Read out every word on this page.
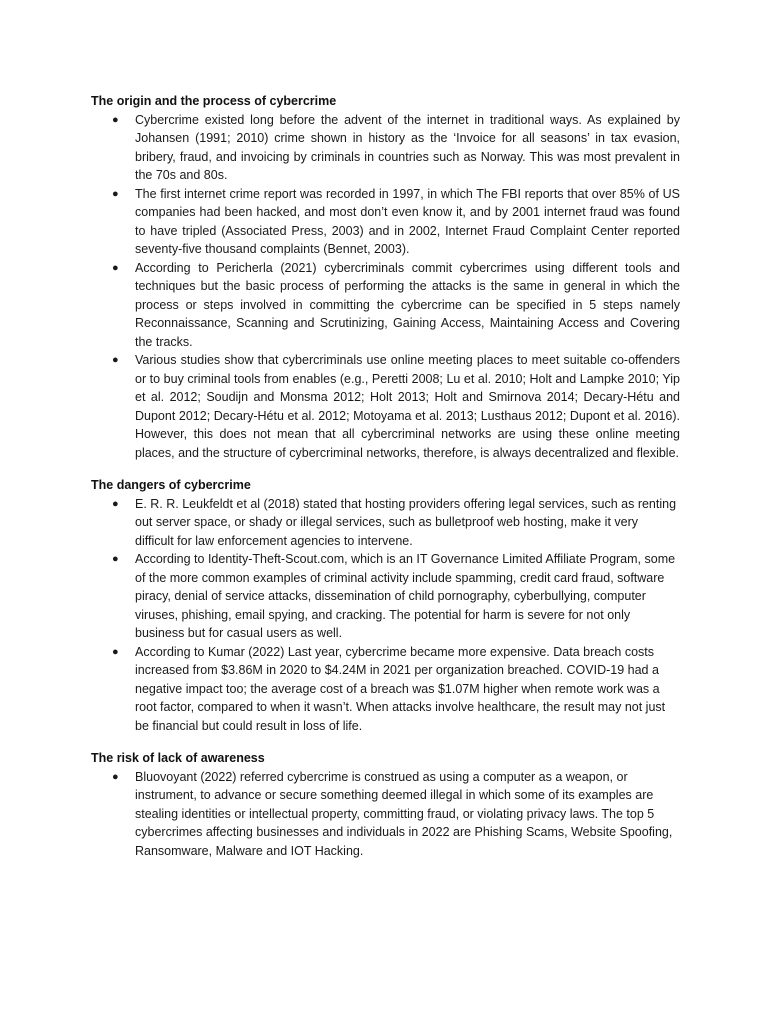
The origin and the process of cybercrime
● Cybercrime existed long before the advent of the internet in traditional ways. As explained by Johansen (1991; 2010) crime shown in history as the ‘Invoice for all seasons’ in tax evasion, bribery, fraud, and invoicing by criminals in countries such as Norway. This was most prevalent in the 70s and 80s.
● The first internet crime report was recorded in 1997, in which The FBI reports that over 85% of US companies had been hacked, and most don’t even know it, and by 2001 internet fraud was found to have tripled (Associated Press, 2003) and in 2002, Internet Fraud Complaint Center reported seventy-five thousand complaints (Bennet, 2003).
● According to Pericherla (2021) cybercriminals commit cybercrimes using different tools and techniques but the basic process of performing the attacks is the same in general in which the process or steps involved in committing the cybercrime can be specified in 5 steps namely Reconnaissance, Scanning and Scrutinizing, Gaining Access, Maintaining Access and Covering the tracks.
● Various studies show that cybercriminals use online meeting places to meet suitable co-offenders or to buy criminal tools from enables (e.g., Peretti 2008; Lu et al. 2010; Holt and Lampke 2010; Yip et al. 2012; Soudijn and Monsma 2012; Holt 2013; Holt and Smirnova 2014; Decary-Hétu and Dupont 2012; Decary-Hétu et al. 2012; Motoyama et al. 2013; Lusthaus 2012; Dupont et al. 2016). However, this does not mean that all cybercriminal networks are using these online meeting places, and the structure of cybercriminal networks, therefore, is always decentralized and flexible.
The dangers of cybercrime
● E. R. R. Leukfeldt et al (2018) stated that hosting providers offering legal services, such as renting out server space, or shady or illegal services, such as bulletproof web hosting, make it very difficult for law enforcement agencies to intervene.
● According to Identity-Theft-Scout.com, which is an IT Governance Limited Affiliate Program, some of the more common examples of criminal activity include spamming, credit card fraud, software piracy, denial of service attacks, dissemination of child pornography, cyberbullying, computer viruses, phishing, email spying, and cracking. The potential for harm is severe for not only business but for casual users as well.
● According to Kumar (2022) Last year, cybercrime became more expensive. Data breach costs increased from $3.86M in 2020 to $4.24M in 2021 per organization breached. COVID-19 had a negative impact too; the average cost of a breach was $1.07M higher when remote work was a root factor, compared to when it wasn’t. When attacks involve healthcare, the result may not just be financial but could result in loss of life.
The risk of lack of awareness
● Bluovoyant (2022) referred cybercrime is construed as using a computer as a weapon, or instrument, to advance or secure something deemed illegal in which some of its examples are stealing identities or intellectual property, committing fraud, or violating privacy laws. The top 5 cybercrimes affecting businesses and individuals in 2022 are Phishing Scams, Website Spoofing, Ransomware, Malware and IOT Hacking.
